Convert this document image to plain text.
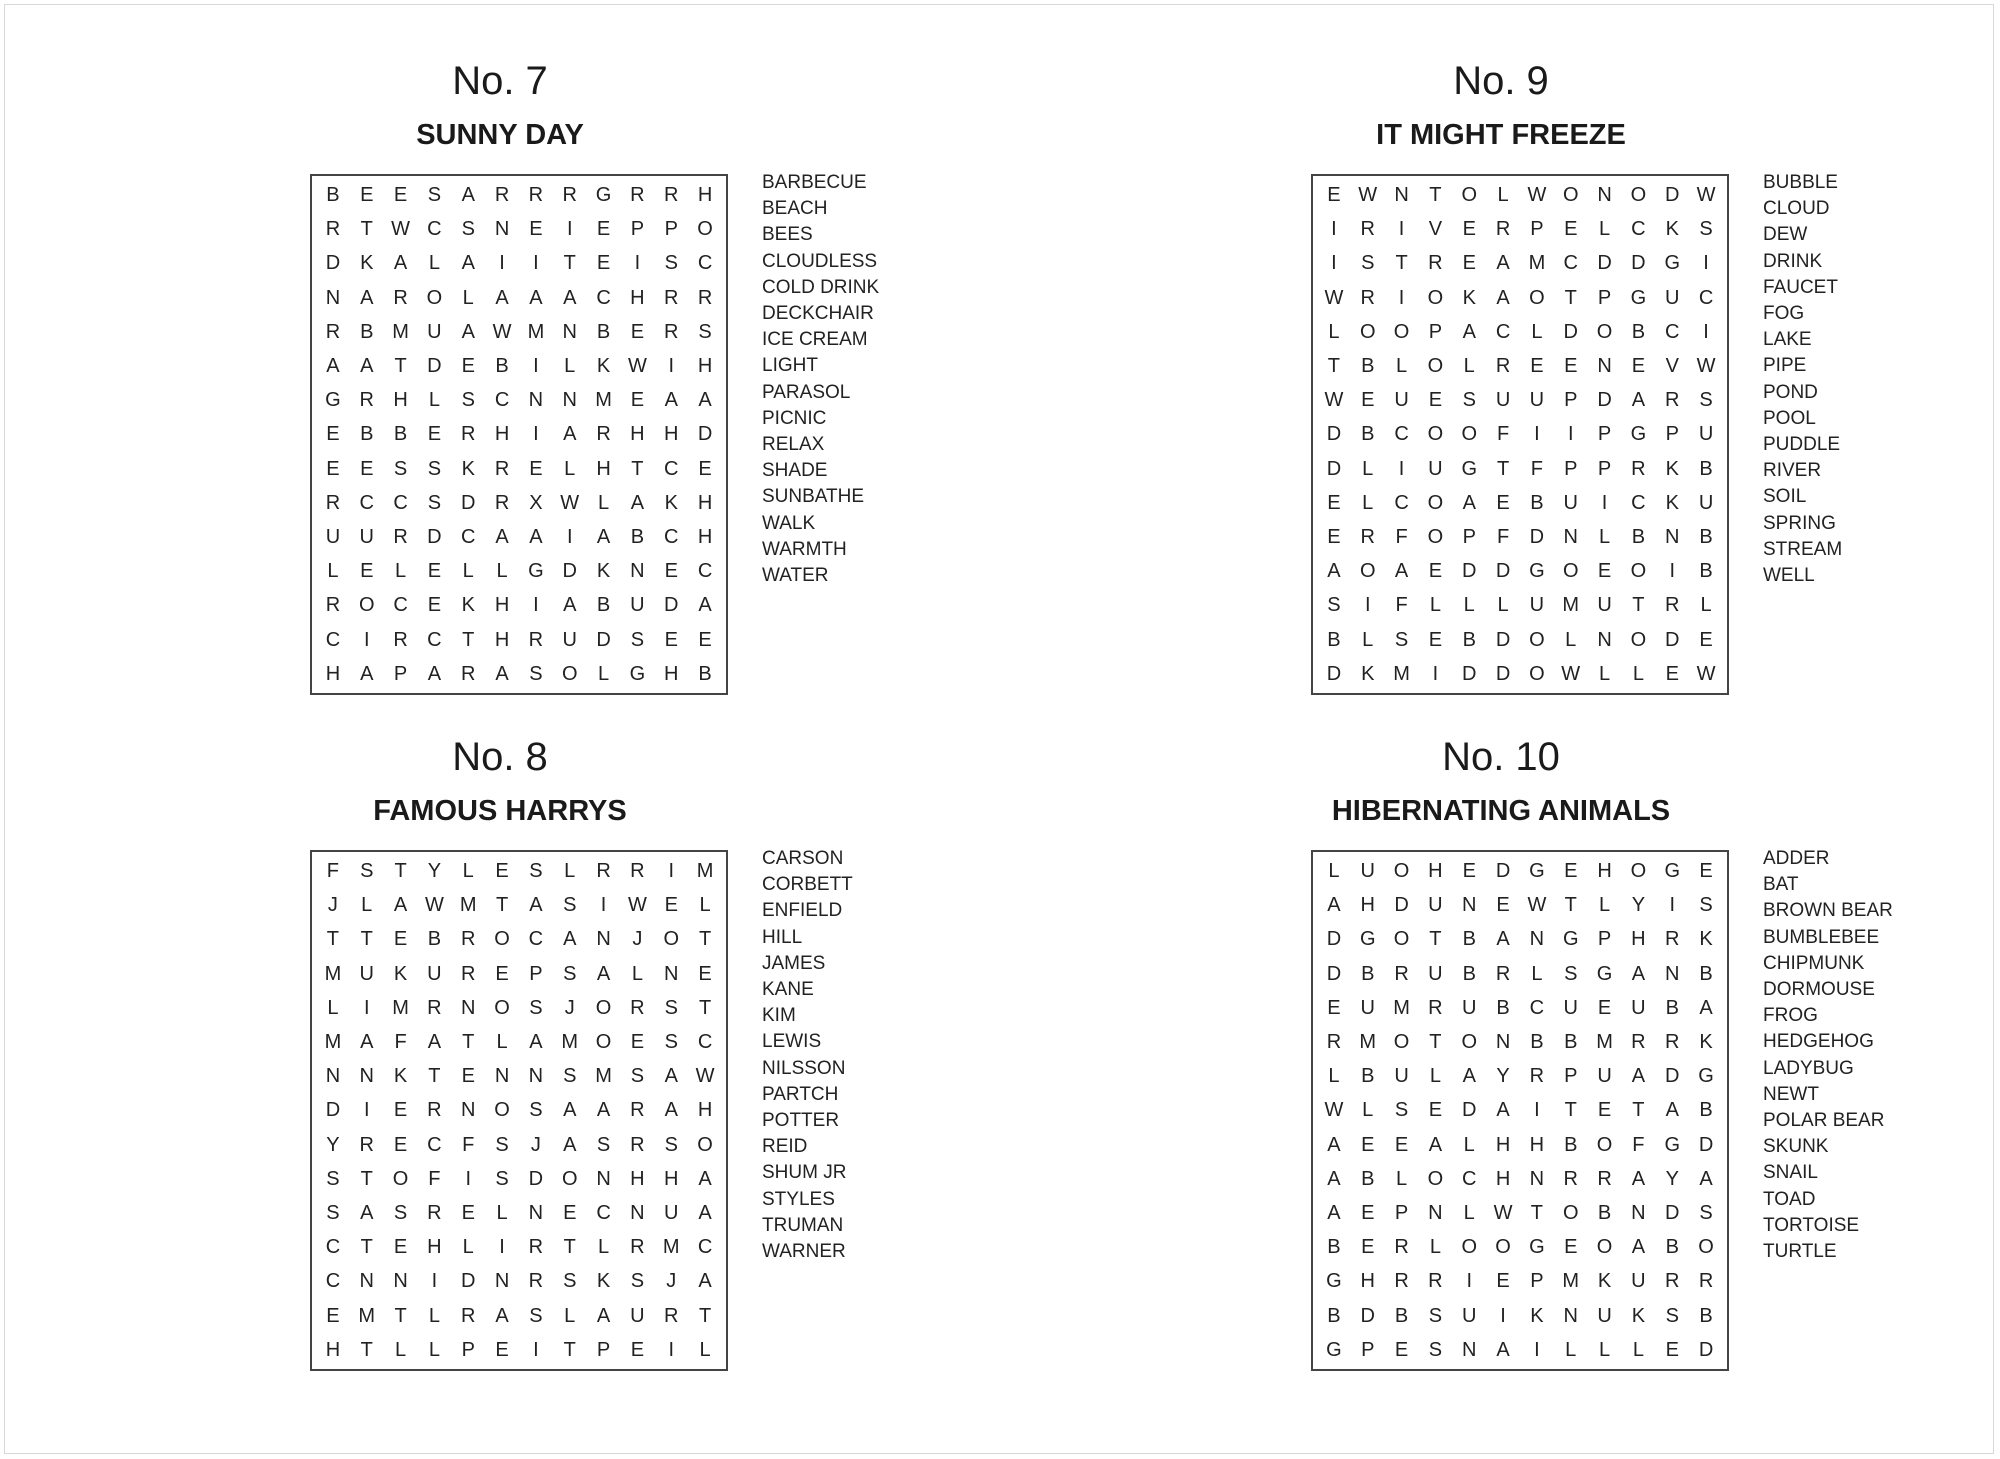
No. 7
SUNNY DAY
B	E	E	S	A R R R G R R H
R	T W C S N E	I	E	P	P O
D K	A	L	A	I	I	T	E	I	S C
N A R O	L	A	A	A C H R R
R B M U A W M N B	E R S
A	A	T	D E	B	I	L	K W	I	H
G R H	L	S C N N M E	A	A
E	B	B	E R H	I	A R H H D
E	E	S	S	K R E	L	H	T	C E
R C C S D R X W L	A	K H
U U R D C A	A	I	A	B C H
L	E	L	E	L	L	G D K N E C
R O C E	K H	I	A	B U D A
C	I	R C	T	H R U D S	E	E
H A	P	A R A	S O	L	G H B
BARBECUE
BEACH
BEES
CLOUDLESS
COLD DRINK
DECKCHAIR
ICE CREAM
LIGHT
PARASOL
PICNIC
RELAX
SHADE
SUNBATHE
WALK
WARMTH
WATER
No. 9
IT MIGHT FREEZE
E W N	T O	L W O N O D W
I	R	I	V	E R P	E	L	C K	S
I	S	T	R E	A M C D D G	I
W R	I	O K	A O T	P G U C
L	O O P	A C	L	D O B C	I
T	B	L	O	L	R E	E N E	V W
W E U E	S U U P D A R S
D B C O O F	I	I	P G P U
D	L	I	U G T	F	P	P R K	B
E	L	C O A	E	B U	I	C K U
E R	F O P	F	D N	L	B N B
A O A	E D D G O E O	I	B
S	I	F	L	L	L	U M U	T	R	L
B	L	S	E	B D O	L	N O D E
D K M	I	D D O W L	L	E W
BUBBLE
CLOUD
DEW
DRINK
FAUCET
FOG
LAKE
PIPE
POND
POOL
PUDDLE
RIVER
SOIL
SPRING
STREAM
WELL
No. 8
FAMOUS HARRYS
F	S	T	Y	L	E	S	L	R R	I	M
J	L	A W M T	A	S	I	W E	L
T	T	E	B R O C A N	J	O T
M U K U R E	P	S	A	L	N E
L	I	M R N O S	J	O R S	T
M A	F	A	T	L	A M O E	S C
N N K	T	E N N S M S	A W
D	I	E R N O S	A	A R A H
Y R E C	F	S	J	A	S R S O
S	T O F	I	S D O N H H A
S	A	S R E	L	N E C N U A
C	T	E H	L	I	R	T	L	R M C
C N N	I	D N R S	K	S	J	A
E M T	L	R A	S	L	A U R	T
H	T	L	L	P	E	I	T	P	E	I	L
CARSON
CORBETT
ENFIELD
HILL
JAMES
KANE
KIM
LEWIS
NILSSON
PARTCH
POTTER
REID
SHUM JR
STYLES
TRUMAN
WARNER
No. 10
HIBERNATING ANIMALS
L	U O H E D G E H O G E
A H D U N E W T	L	Y	I	S
D G O T	B	A N G P H R K
D B R U B R	L	S G A N B
E U M R U B C U E U B	A
R M O T O N B	B M R R K
L	B U	L	A	Y R P U A D G
W L	S	E D A	I	T	E	T	A	B
A	E	E	A	L	H H B O F G D
A	B	L	O C H N R R A	Y	A
A	E	P N	L W T O B N D S
B	E R	L	O O G E O A	B O
G H R R	I	E	P M K U R R
B D B	S U	I	K N U K	S	B
G P	E	S N A	I	L	L	L	E D
ADDER
BAT
BROWN BEAR
BUMBLEBEE
CHIPMUNK
DORMOUSE
FROG
HEDGEHOG
LADYBUG
NEWT
POLAR BEAR
SKUNK
SNAIL
TOAD
TORTOISE
TURTLE
